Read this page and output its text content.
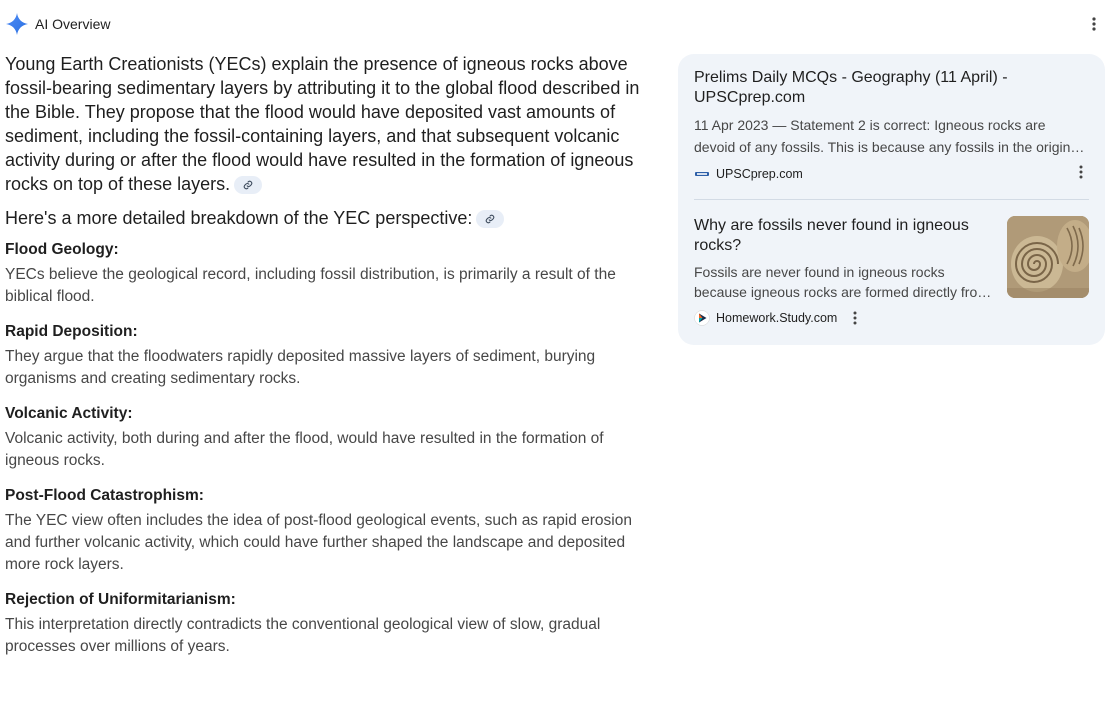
AI Overview

Young Earth Creationists (YECs) explain the presence of igneous rocks above fossil-bearing sedimentary layers by attributing it to the global flood described in the Bible. They propose that the flood would have deposited vast amounts of sediment, including the fossil-containing layers, and that subsequent volcanic activity during or after the flood would have resulted in the formation of igneous rocks on top of these layers.

Here's a more detailed breakdown of the YEC perspective:

Flood Geology:
YECs believe the geological record, including fossil distribution, is primarily a result of the biblical flood.
Rapid Deposition:
They argue that the floodwaters rapidly deposited massive layers of sediment, burying organisms and creating sedimentary rocks.
Volcanic Activity:
Volcanic activity, both during and after the flood, would have resulted in the formation of igneous rocks.
Post-Flood Catastrophism:
The YEC view often includes the idea of post-flood geological events, such as rapid erosion and further volcanic activity, which could have further shaped the landscape and deposited more rock layers.
Rejection of Uniformitarianism:
This interpretation directly contradicts the conventional geological view of slow, gradual processes over millions of years.
Prelims Daily MCQs - Geography (11 April) - UPSCprep.com
11 Apr 2023 — Statement 2 is correct: Igneous rocks are devoid of any fossils. This is because any fossils in the original
UPSCprep.com
Why are fossils never found in igneous rocks?
Fossils are never found in igneous rocks because igneous rocks are formed directly from
Homework.Study.com
